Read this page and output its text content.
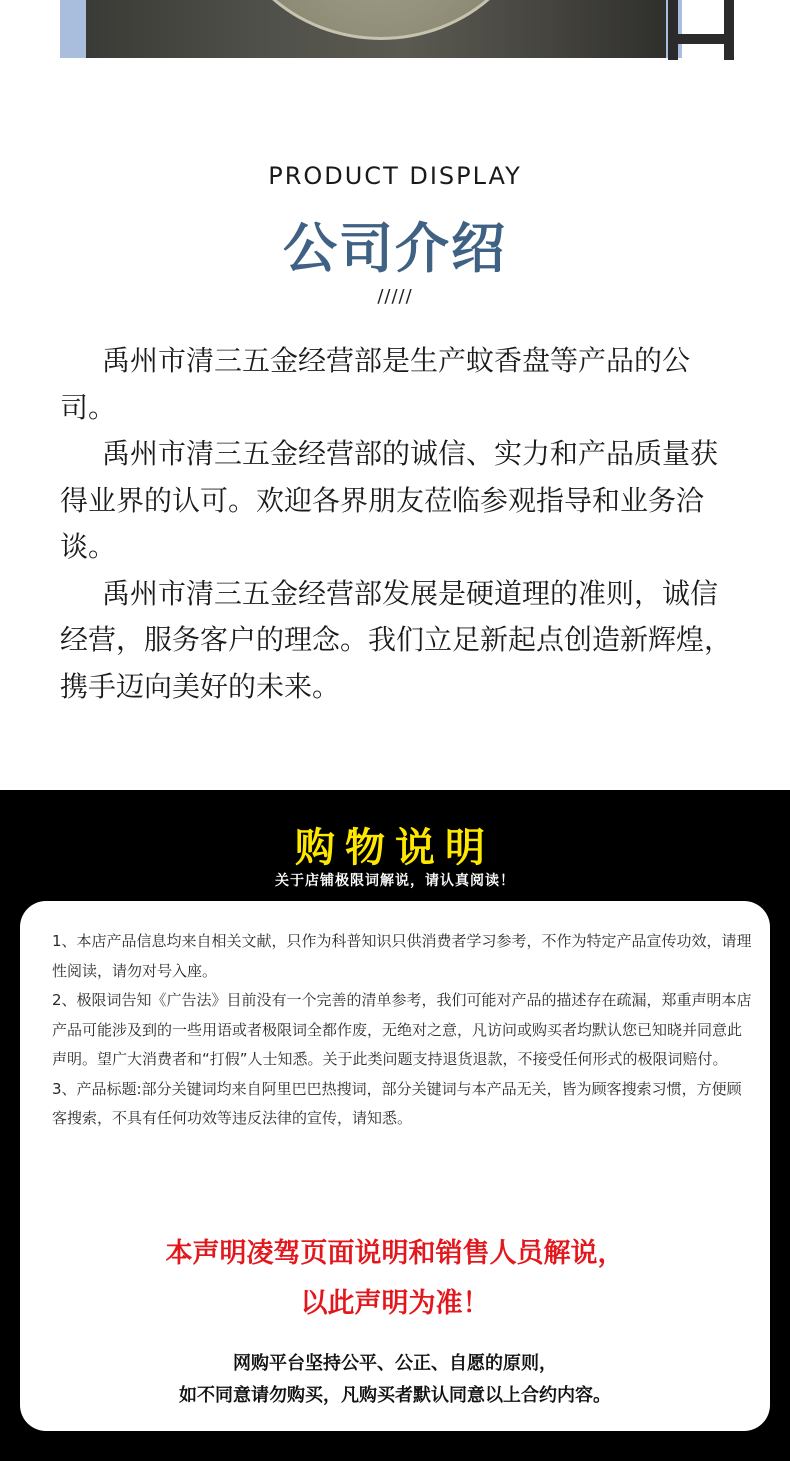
PRODUCT DISPLAY
公司介绍
/////

禹州市清三五金经营部是生产蚊香盘等产品的公司。

禹州市清三五金经营部的诚信、实力和产品质量获得业界的认可。欢迎各界朋友莅临参观指导和业务洽谈。

禹州市清三五金经营部发展是硬道理的准则，诚信经营，服务客户的理念。我们立足新起点创造新辉煌，携手迈向美好的未来。

购物说明
关于店铺极限词解说，请认真阅读！
1、本店产品信息均来自相关文献，只作为科普知识只供消费者学习参考，不作为特定产品宣传功效，请理性阅读，请勿对号入座。
2、极限词告知《广告法》目前没有一个完善的清单参考，我们可能对产品的描述存在疏漏，郑重声明本店产品可能涉及到的一些用语或者极限词全都作废，无绝对之意，凡访问或购买者均默认您已知晓并同意此声明。望广大消费者和“打假”人士知悉。关于此类问题支持退货退款，不接受任何形式的极限词赔付。
3、产品标题:部分关键词均来自阿里巴巴热搜词，部分关键词与本产品无关，皆为顾客搜索习惯，方便顾客搜索，不具有任何功效等违反法律的宣传，请知悉。
本声明凌驾页面说明和销售人员解说，
以此声明为准！
网购平台坚持公平、公正、自愿的原则，
如不同意请勿购买，凡购买者默认同意以上合约内容。
